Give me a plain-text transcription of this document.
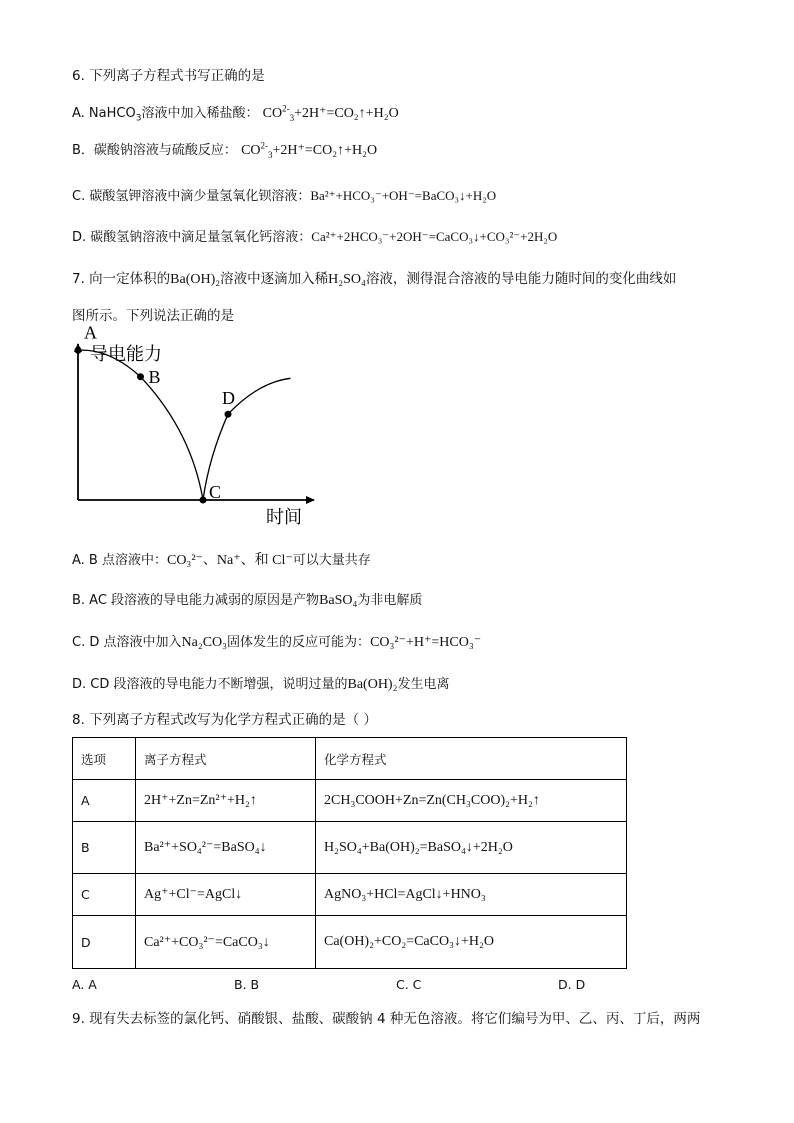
6. 下列离子方程式书写正确的是
A. NaHCO$_3$溶液中加入稀盐酸： $CO^{2-}_3+2H^+=CO_2↑+H_2O$
B．碳酸钠溶液与硫酸反应： $CO^{2-}_3+2H^+=CO_2↑+H_2O$
C. 碳酸氢钾溶液中滴少量氢氧化钡溶液：Ba²⁺+HCO₃⁻+OH⁻=BaCO₃↓+H₂O
D. 碳酸氢钠溶液中滴足量氢氧化钙溶液：Ca²⁺+2HCO₃⁻+2OH⁻=CaCO₃↓+CO₃²⁻+2H₂O
7. 向一定体积的Ba(OH)₂溶液中逐滴加入稀H₂SO₄溶液，测得混合溶液的导电能力随时间的变化曲线如
图所示。下列说法正确的是
导电能力
时间
A
B
C
D
A. B 点溶液中：CO₃²⁻、Na⁺、和 Cl⁻可以大量共存
B. AC 段溶液的导电能力减弱的原因是产物BaSO₄为非电解质
C. D 点溶液中加入Na₂CO₃固体发生的反应可能为：CO₃²⁻+H⁺=HCO₃⁻
D. CD 段溶液的导电能力不断增强，说明过量的Ba(OH)₂发生电离
8. 下列离子方程式改写为化学方程式正确的是（ ）
选项	离子方程式	化学方程式
A	2H⁺+Zn=Zn²⁺+H₂↑	2CH₃COOH+Zn=Zn(CH₃COO)₂+H₂↑
B	Ba²⁺+SO₄²⁻=BaSO₄↓	H₂SO₄+Ba(OH)₂=BaSO₄↓+2H₂O
C	Ag⁺+Cl⁻=AgCl↓	AgNO₃+HCl=AgCl↓+HNO₃
D	Ca²⁺+CO₃²⁻=CaCO₃↓	Ca(OH)₂+CO₂=CaCO₃↓+H₂O
A. A	B. B	C. C	D. D
9. 现有失去标签的氯化钙、硝酸银、盐酸、碳酸钠 4 种无色溶液。将它们编号为甲、乙、丙、丁后，两两
